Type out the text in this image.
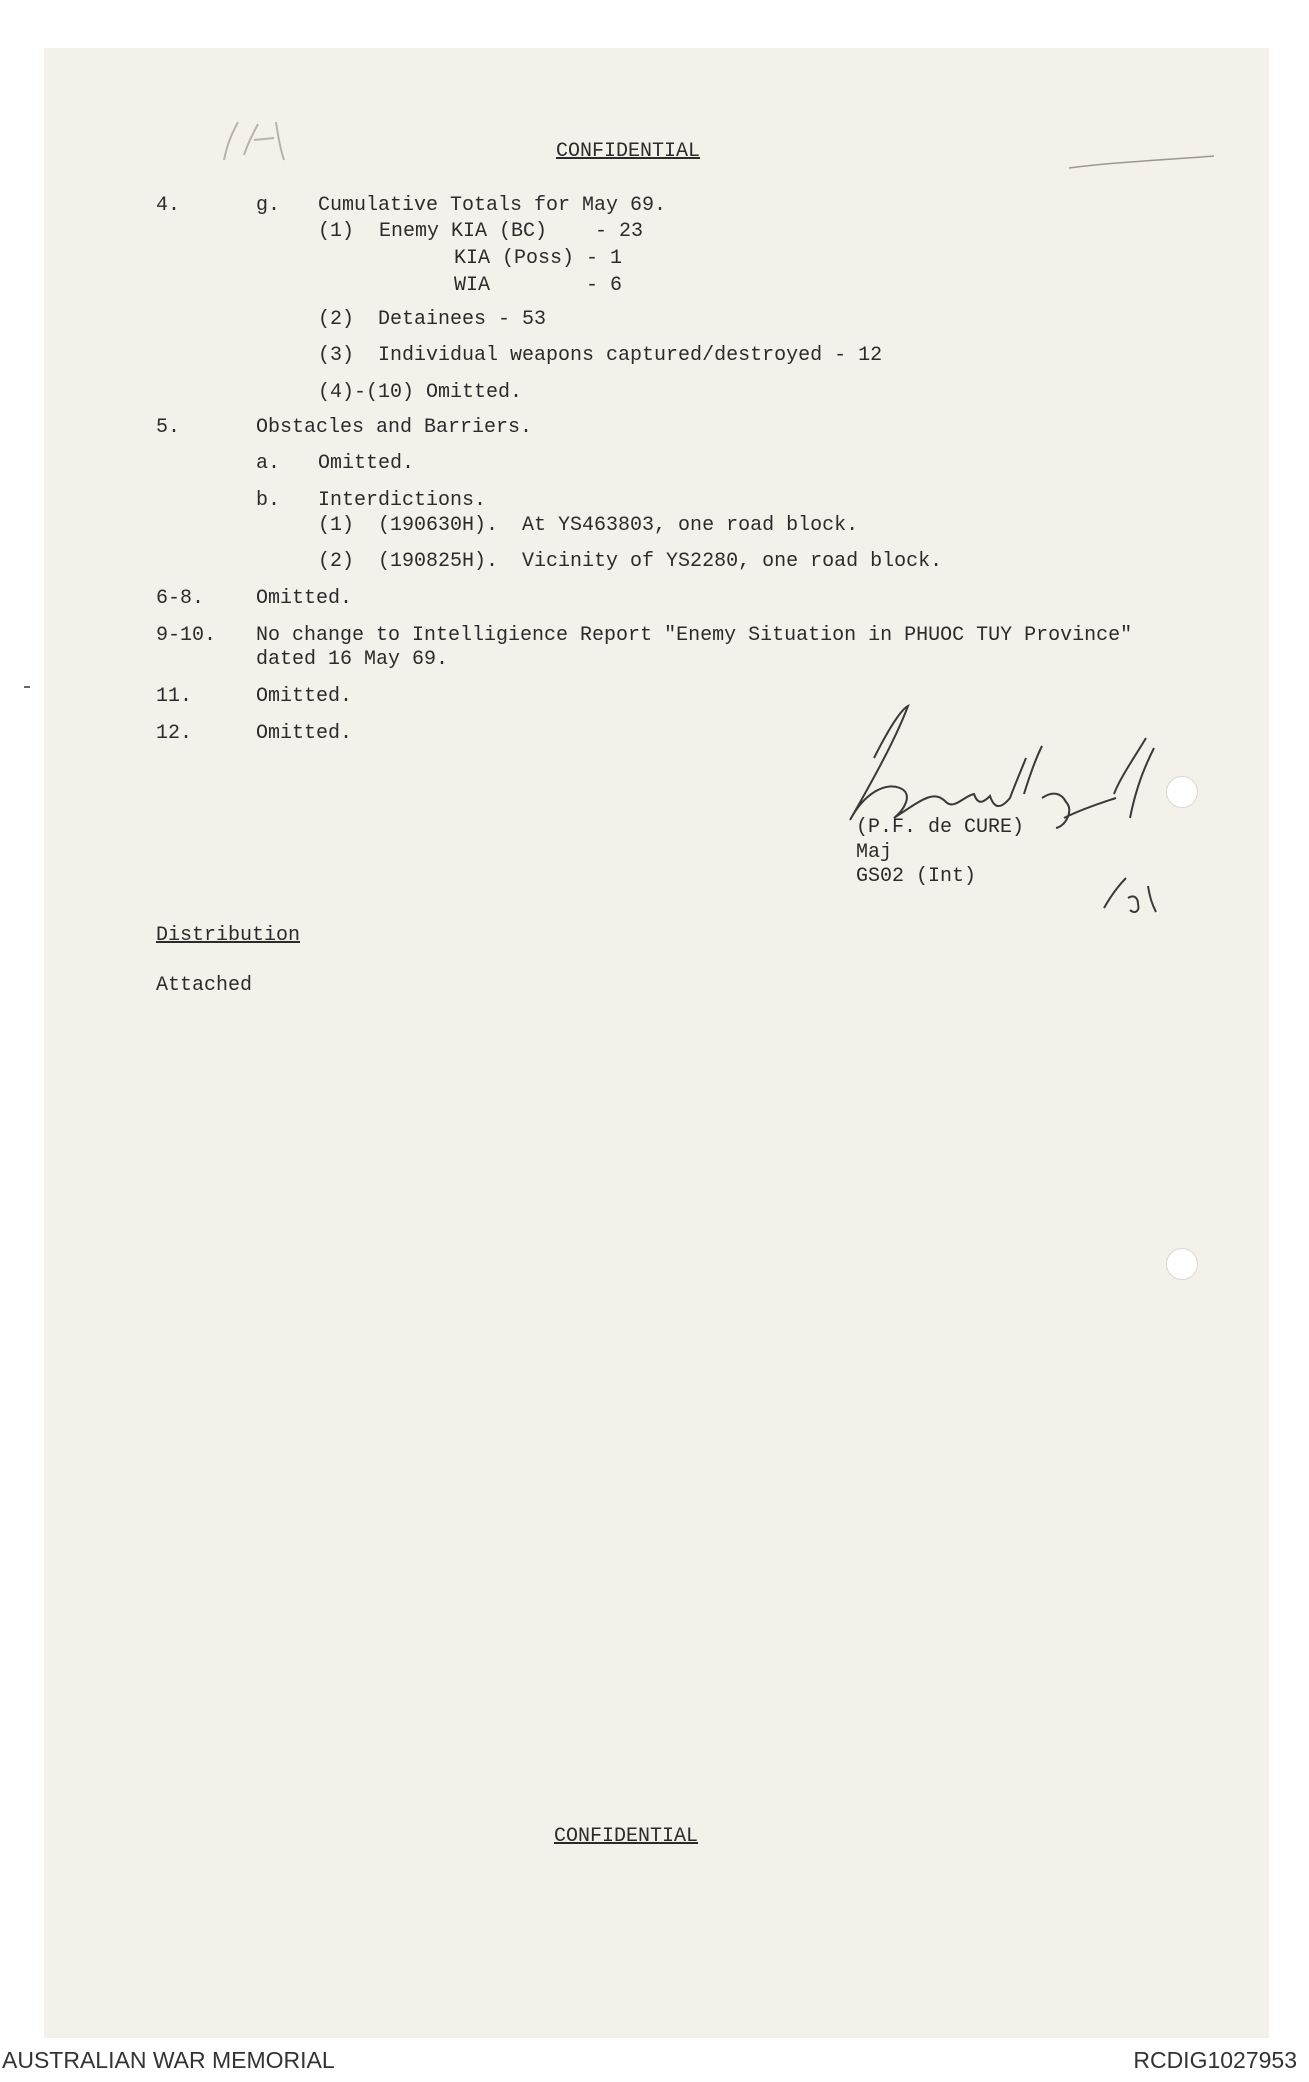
CONFIDENTIAL
4.	g. Cumulative Totals for May 69.
(1) Enemy KIA (BC)    - 23
KIA (Poss) - 1
WIA        - 6
(2)  Detainees - 53
(3)  Individual weapons captured/destroyed - 12
(4)-(10) Omitted.
5.	Obstacles and Barriers.
a. Omitted.
b. Interdictions.
(1)  (190630H).  At YS463803, one road block.
(2)  (190825H).  Vicinity of YS2280, one road block.
6-8.	Omitted.
9-10. No change to Intelligience Report "Enemy Situation in PHUOC TUY Province"
dated 16 May 69.
11.	Omitted.
12.	Omitted.
(P.F. de CURE)
Maj
GS02 (Int)
Distribution
Attached
CONFIDENTIAL
AUSTRALIAN WAR MEMORIAL	RCDIG1027953
